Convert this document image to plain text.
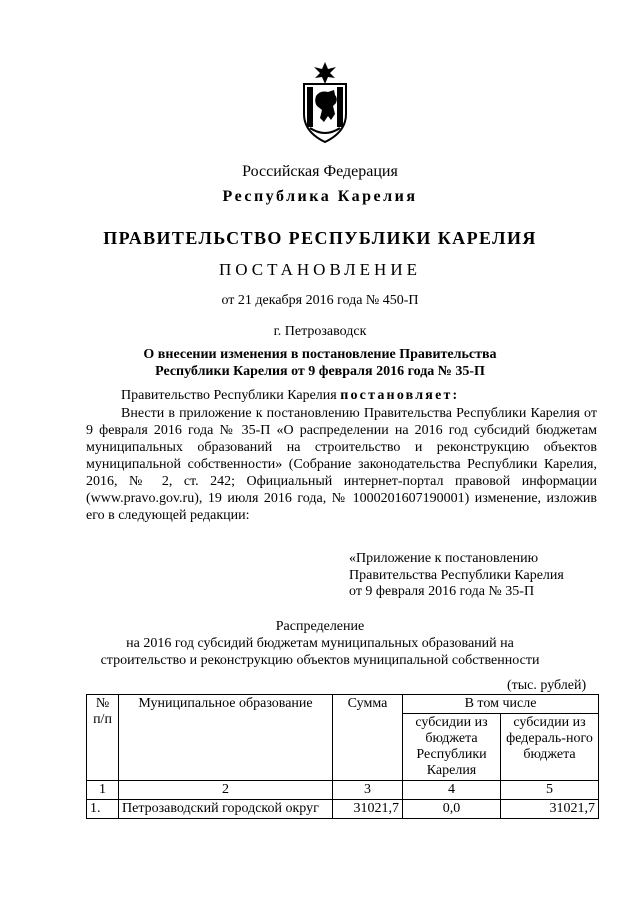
Российская Федерация
Республика Карелия
ПРАВИТЕЛЬСТВО РЕСПУБЛИКИ КАРЕЛИЯ
ПОСТАНОВЛЕНИЕ
от 21 декабря 2016 года № 450-П
г. Петрозаводск
О внесении изменения в постановление Правительства
Республики Карелия от 9 февраля 2016 года № 35-П
Правительство Республики Карелия постановляет:
Внести в приложение к постановлению Правительства Республики Карелия от 9 февраля 2016 года № 35-П «О распределении на 2016 год субсидий бюджетам муниципальных образований на строительство и реконструкцию объектов муниципальной собственности» (Собрание законодательства Республики Карелия, 2016, № 2, ст. 242; Официальный интернет-портал правовой информации (www.pravo.gov.ru), 19 июля 2016 года, № 1000201607190001) изменение, изложив его в следующей редакции:
«Приложение к постановлению
Правительства Республики Карелия
от 9 февраля 2016 года № 35-П
Распределение
на 2016 год субсидий бюджетам муниципальных образований на
строительство и реконструкцию объектов муниципальной собственности
(тыс. рублей)
№ п/п	Муниципальное образование	Сумма	В том числе	
			субсидии из бюджета Республики Карелия	субсидии из федераль-ного бюджета
1	2	3	4	5
1.	Петрозаводский городской округ	31021,7	0,0	31021,7
